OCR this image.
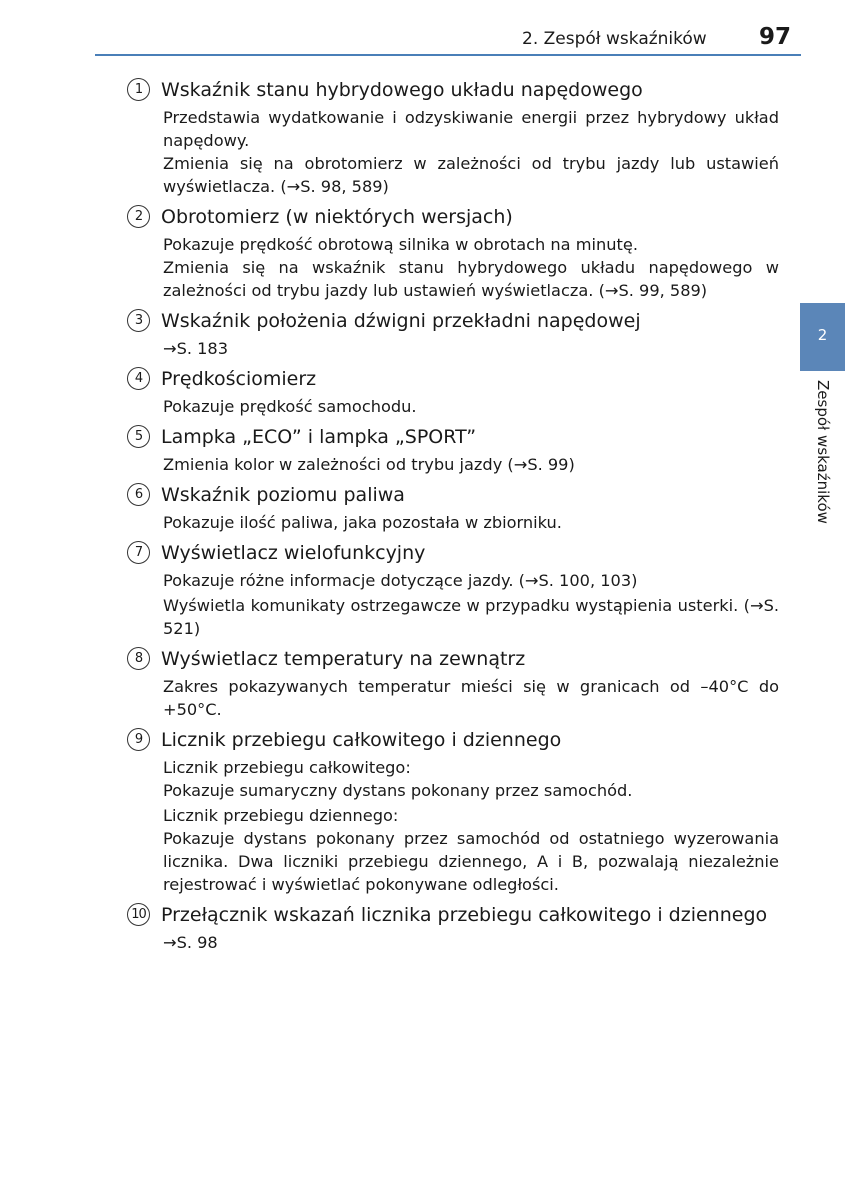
2. Zespół wskaźników 97
2
Zespół wskaźników
1 Wskaźnik stanu hybrydowego układu napędowego
Przedstawia wydatkowanie i odzyskiwanie energii przez hybrydowy układ napędowy.
Zmienia się na obrotomierz w zależności od trybu jazdy lub ustawień wyświetlacza. (→S. 98, 589)
2 Obrotomierz (w niektórych wersjach)
Pokazuje prędkość obrotową silnika w obrotach na minutę.
Zmienia się na wskaźnik stanu hybrydowego układu napędowego w zależności od trybu jazdy lub ustawień wyświetlacza. (→S. 99, 589)
3 Wskaźnik położenia dźwigni przekładni napędowej
→S. 183
4 Prędkościomierz
Pokazuje prędkość samochodu.
5 Lampka „ECO” i lampka „SPORT”
Zmienia kolor w zależności od trybu jazdy (→S. 99)
6 Wskaźnik poziomu paliwa
Pokazuje ilość paliwa, jaka pozostała w zbiorniku.
7 Wyświetlacz wielofunkcyjny
Pokazuje różne informacje dotyczące jazdy. (→S. 100, 103)
Wyświetla komunikaty ostrzegawcze w przypadku wystąpienia usterki. (→S. 521)
8 Wyświetlacz temperatury na zewnątrz
Zakres pokazywanych temperatur mieści się w granicach od –40°C do +50°C.
9 Licznik przebiegu całkowitego i dziennego
Licznik przebiegu całkowitego:
Pokazuje sumaryczny dystans pokonany przez samochód.
Licznik przebiegu dziennego:
Pokazuje dystans pokonany przez samochód od ostatniego wyzerowania licznika. Dwa liczniki przebiegu dziennego, A i B, pozwalają niezależnie rejestrować i wyświetlać pokonywane odległości.
10 Przełącznik wskazań licznika przebiegu całkowitego i dziennego
→S. 98
